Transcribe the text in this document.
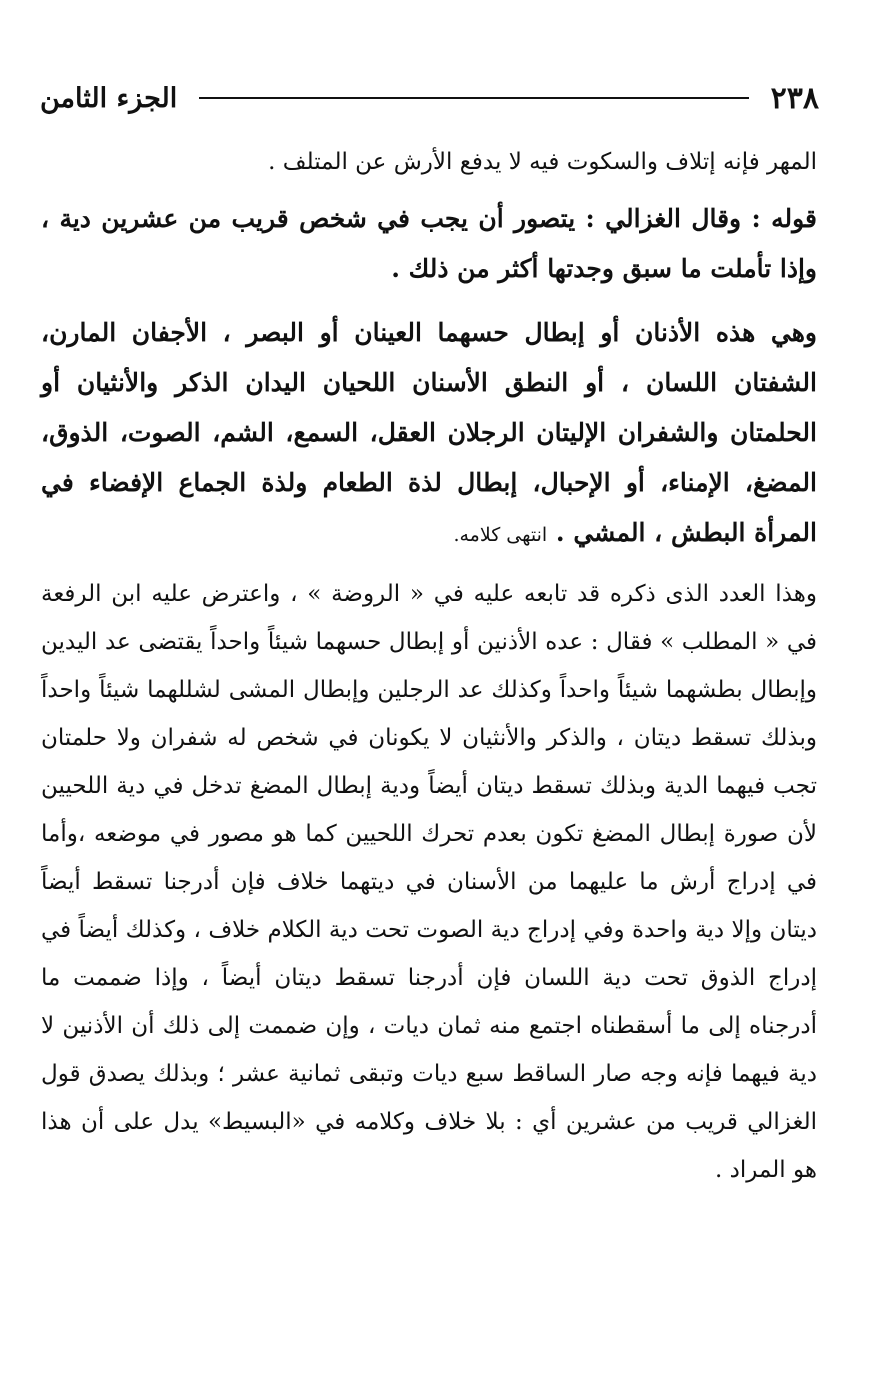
٢٣٨
الجزء الثامن

المهر فإنه إتلاف والسكوت فيه لا يدفع الأرش عن المتلف .

قوله : وقال الغزالي : يتصور أن يجب في شخص قريب من عشرين دية ، وإذا تأملت ما سبق وجدتها أكثر من ذلك .

وهي هذه الأذنان أو إبطال حسهما العينان أو البصر ، الأجفان المارن، الشفتان اللسان ، أو النطق الأسنان اللحيان اليدان الذكر والأنثيان أو الحلمتان والشفران الإليتان الرجلان العقل، السمع، الشم، الصوت، الذوق، المضغ، الإمناء، أو الإحبال، إبطال لذة الطعام ولذة الجماع الإفضاء في المرأة البطش ، المشي . انتهى كلامه.

وهذا العدد الذى ذكره قد تابعه عليه في « الروضة » ، واعترض عليه ابن الرفعة في « المطلب » فقال : عده الأذنين أو إبطال حسهما شيئاً واحداً يقتضى عد اليدين وإبطال بطشهما شيئاً واحداً وكذلك عد الرجلين وإبطال المشى لشللهما شيئاً واحداً وبذلك تسقط ديتان ، والذكر والأنثيان لا يكونان في شخص له شفران ولا حلمتان تجب فيهما الدية وبذلك تسقط ديتان أيضاً ودية إبطال المضغ تدخل في دية اللحيين لأن صورة إبطال المضغ تكون بعدم تحرك اللحيين كما هو مصور في موضعه ،وأما في إدراج أرش ما عليهما من الأسنان في ديتهما خلاف فإن أدرجنا تسقط أيضاً ديتان وإلا دية واحدة وفي إدراج دية الصوت تحت دية الكلام خلاف ، وكذلك أيضاً في إدراج الذوق تحت دية اللسان فإن أدرجنا تسقط ديتان أيضاً ، وإذا ضممت ما أدرجناه إلى ما أسقطناه اجتمع منه ثمان ديات ، وإن ضممت إلى ذلك أن الأذنين لا دية فيهما فإنه وجه صار الساقط سبع ديات وتبقى ثمانية عشر ؛ وبذلك يصدق قول الغزالي قريب من عشرين أي : بلا خلاف وكلامه في «البسيط» يدل على أن هذا هو المراد .
